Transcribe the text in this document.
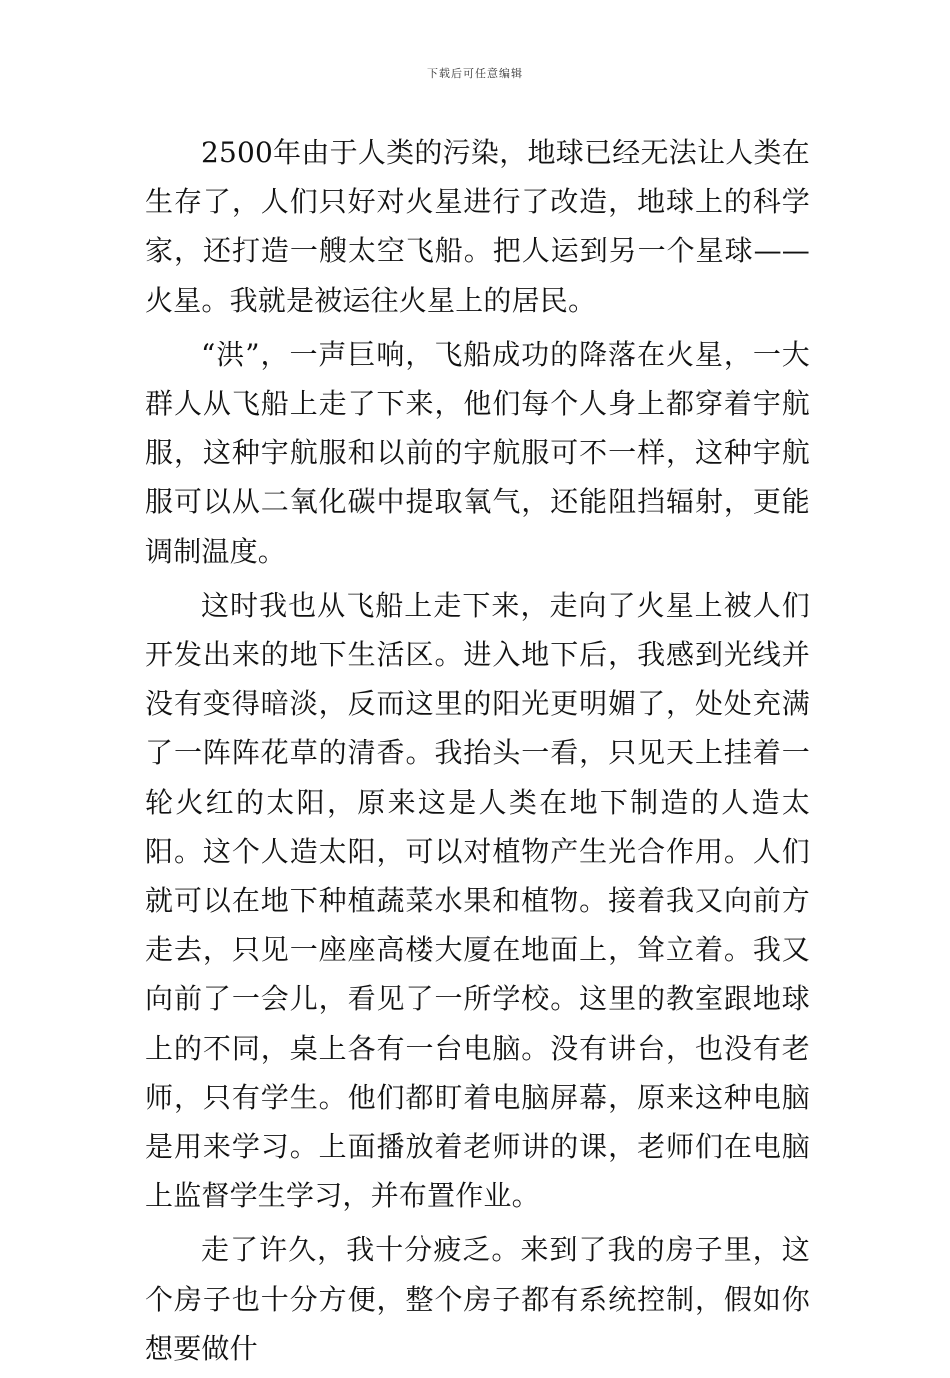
下载后可任意编辑

2500年由于人类的污染，地球已经无法让人类在生存了，人们只好对火星进行了改造，地球上的科学家，还打造一艘太空飞船。把人运到另一个星球——火星。我就是被运往火星上的居民。

“洪”，一声巨响，飞船成功的降落在火星，一大群人从飞船上走了下来，他们每个人身上都穿着宇航服，这种宇航服和以前的宇航服可不一样，这种宇航服可以从二氧化碳中提取氧气，还能阻挡辐射，更能调制温度。

这时我也从飞船上走下来，走向了火星上被人们开发出来的地下生活区。进入地下后，我感到光线并没有变得暗淡，反而这里的阳光更明媚了，处处充满了一阵阵花草的清香。我抬头一看，只见天上挂着一轮火红的太阳，原来这是人类在地下制造的人造太阳。这个人造太阳，可以对植物产生光合作用。人们就可以在地下种植蔬菜水果和植物。接着我又向前方走去，只见一座座高楼大厦在地面上，耸立着。我又向前了一会儿，看见了一所学校。这里的教室跟地球上的不同，桌上各有一台电脑。没有讲台，也没有老师，只有学生。他们都盯着电脑屏幕，原来这种电脑是用来学习。上面播放着老师讲的课，老师们在电脑上监督学生学习，并布置作业。

走了许久，我十分疲乏。来到了我的房子里，这个房子也十分方便，整个房子都有系统控制，假如你想要做什
